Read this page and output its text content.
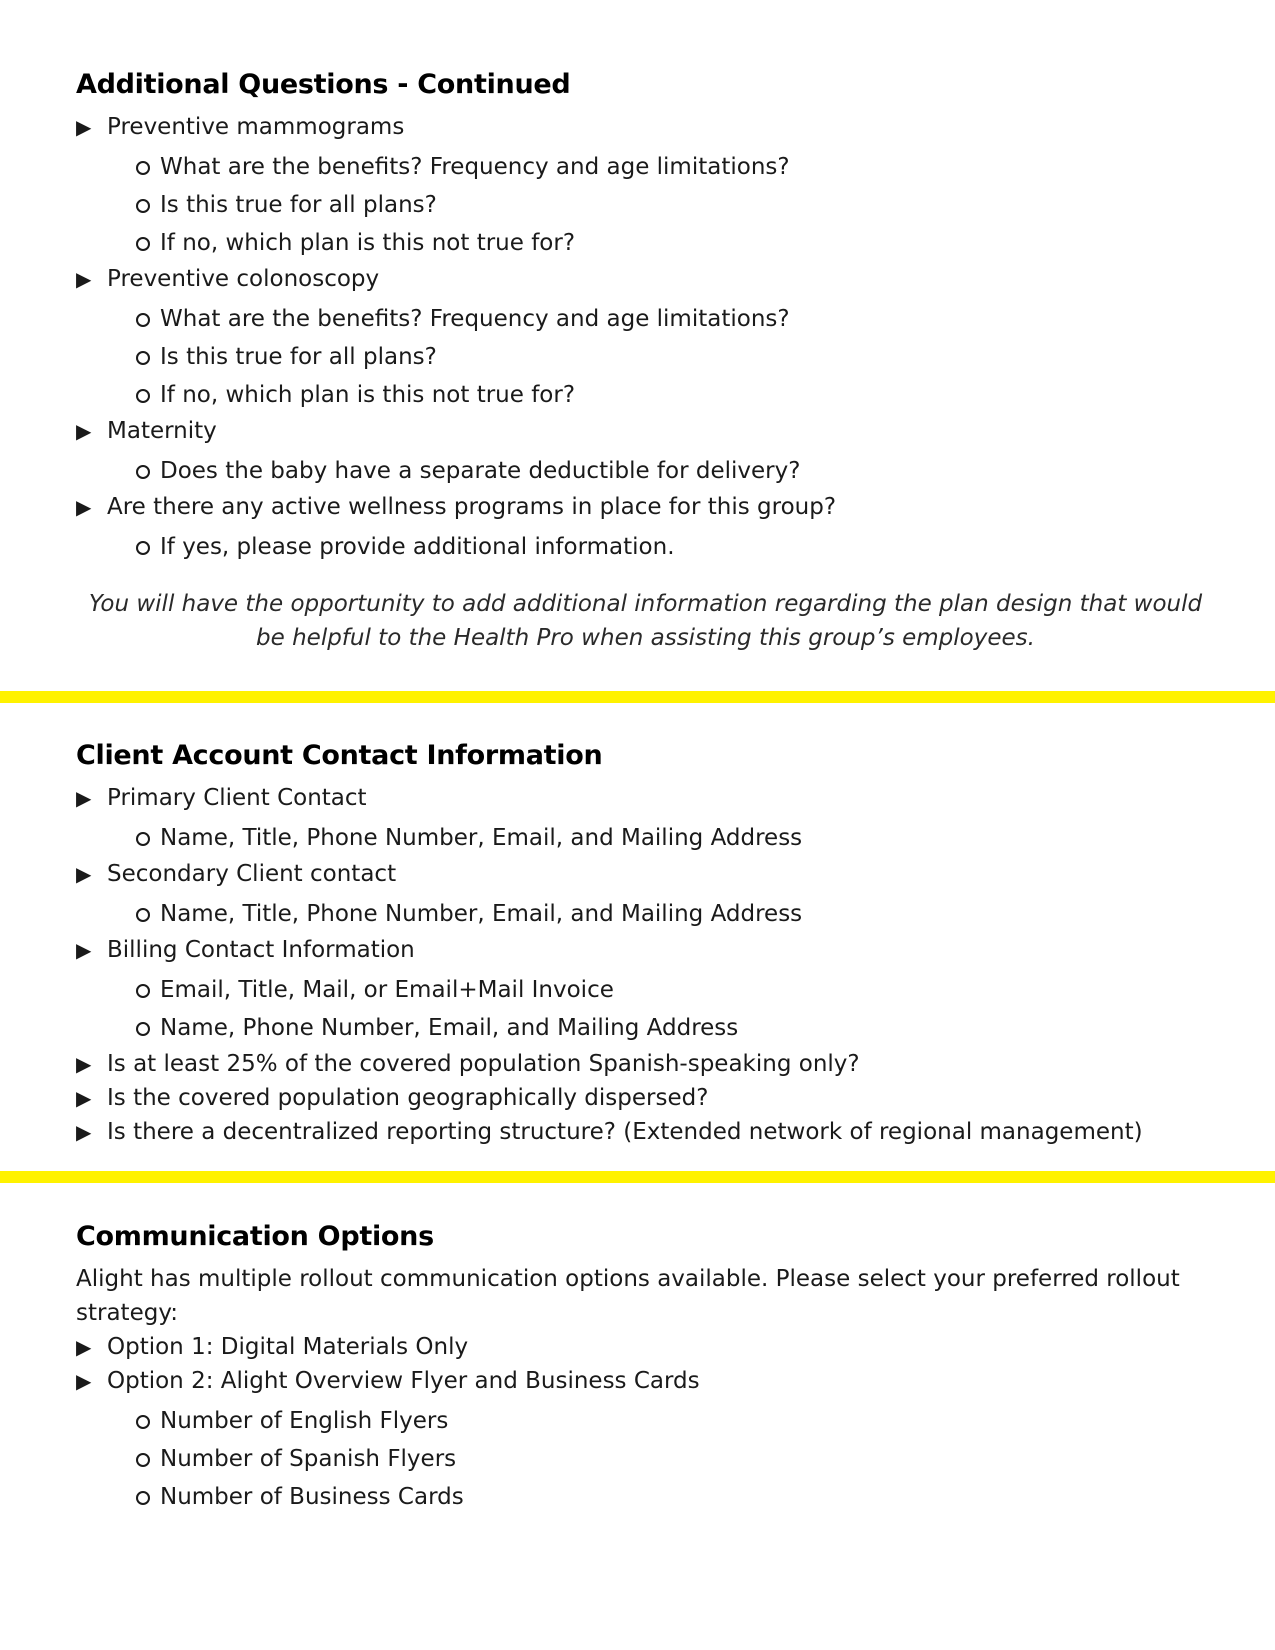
Additional Questions - Continued
▶ Preventive mammograms
What are the benefits? Frequency and age limitations?
Is this true for all plans?
If no, which plan is this not true for?
▶ Preventive colonoscopy
What are the benefits? Frequency and age limitations?
Is this true for all plans?
If no, which plan is this not true for?
▶ Maternity
Does the baby have a separate deductible for delivery?
▶ Are there any active wellness programs in place for this group?
If yes, please provide additional information.
You will have the opportunity to add additional information regarding the plan design that would be helpful to the Health Pro when assisting this group’s employees.
Client Account Contact Information
▶ Primary Client Contact
Name, Title, Phone Number, Email, and Mailing Address
▶ Secondary Client contact
Name, Title, Phone Number, Email, and Mailing Address
▶ Billing Contact Information
Email, Title, Mail, or Email+Mail Invoice
Name, Phone Number, Email, and Mailing Address
▶ Is at least 25% of the covered population Spanish-speaking only?
▶ Is the covered population geographically dispersed?
▶ Is there a decentralized reporting structure? (Extended network of regional management)
Communication Options

Alight has multiple rollout communication options available. Please select your preferred rollout strategy:

▶ Option 1: Digital Materials Only
▶ Option 2: Alight Overview Flyer and Business Cards
Number of English Flyers
Number of Spanish Flyers
Number of Business Cards
